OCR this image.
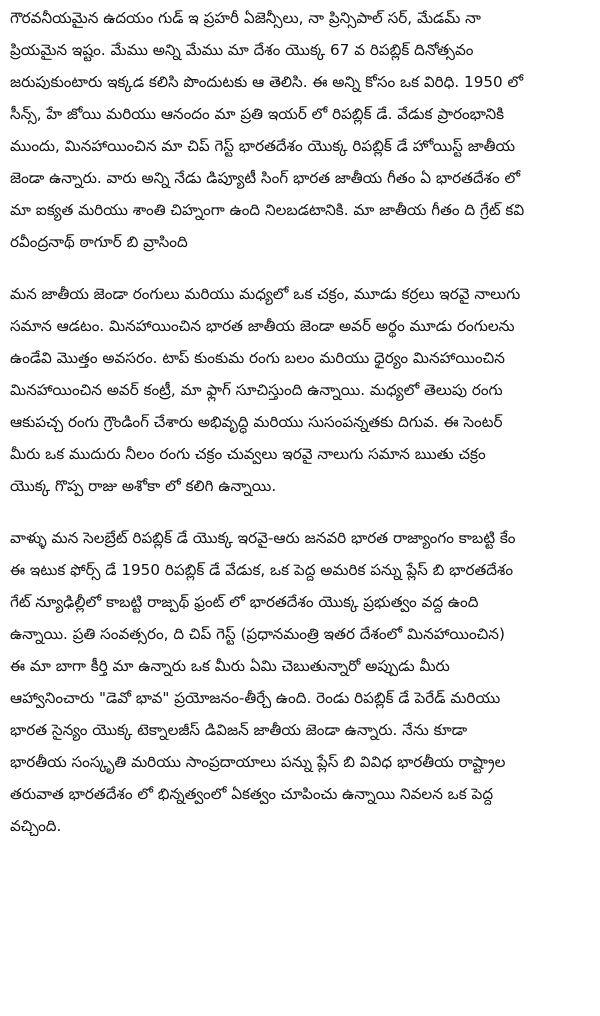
గౌరవనీయమైన ఉదయం గుడ్ ఇ ప్రహరీ ఏజెన్సీలు, నా ప్రిన్సిపాల్ సర్, మేడమ్ నా
ప్రియమైన ఇష్టం. మేము అన్ని మేము మా దేశం యొక్క 67 వ రిపబ్లిక్ దినోత్సవం
జరుపుకుంటారు ఇక్కడ కలిసి పొందుటకు ఆ తెలిసి. ఈ అన్ని కోసం ఒక విరిధి. 1950 లో
సీన్స్, హే జోయి మరియు ఆనందం మా ప్రతి ఇయర్ లో రిపబ్లిక్ డే. వేడుక ప్రారంభానికి
ముందు, మినహాయించిన మా చిప్ గెస్ట్ భారతదేశం యొక్క రిపబ్లిక్ డే హోయిస్ట్ జాతీయ
జెండా ఉన్నారు. వారు అన్ని నేడు డిప్యూటీ సింగ్ భారత జాతీయ గీతం ఏ భారతదేశం లో
మా ఐక్యత మరియు శాంతి చిహ్నంగా ఉంది నిలబడటానికి. మా జాతీయ గీతం ది గ్రేట్ కవి
రవీంద్రనాథ్ ఠాగూర్ బి వ్రాసింది

మన జాతీయ జెండా రంగులు మరియు మధ్యలో ఒక చక్రం, మూడు కర్రలు ఇరవై నాలుగు
సమాన ఆడటం. మినహాయించిన భారత జాతీయ జెండా అవర్ అర్థం మూడు రంగులను
ఉండేవి మొత్తం అవసరం. టాప్ కుంకుమ రంగు బలం మరియు ధైర్యం మినహాయించిన
మినహాయించిన అవర్ కంట్రీ, మా ఫ్లాగ్ సూచిస్తుంది ఉన్నాయి. మధ్యలో తెలుపు రంగు
ఆకుపచ్చ రంగు గ్రౌండింగ్ చేశారు అభివృద్ధి మరియు సుసంపన్నతకు దిగువ. ఈ సెంటర్
మీరు ఒక ముదురు నీలం రంగు చక్రం చువ్వలు ఇరవై నాలుగు సమాన ఋతు చక్రం
యొక్క గొప్ప రాజు అశోకా లో కలిగి ఉన్నాయి.

వాళ్ళు మన సెలబ్రేట్ రిపబ్లిక్ డే యొక్క ఇరవై-ఆరు జనవరి భారత రాజ్యాంగం కాబట్టి కేం
ఈ ఇటుక ఫోర్స్ డే 1950 రిపబ్లిక్ డే వేడుక, ఒక పెద్ద అమరిక పన్ను ప్లేస్ బి భారతదేశం
గేట్ న్యూఢిల్లీలో కాబట్టి రాజ్పథ్ ఫ్రంట్ లో భారతదేశం యొక్క ప్రభుత్వం వద్ద ఉంది
ఉన్నాయి. ప్రతి సంవత్సరం, ది చిప్ గెస్ట్ (ప్రధానమంత్రి ఇతర దేశంలో మినహాయించిన)
ఈ మా బాగా కీర్తి మా ఉన్నారు ఒక మీరు ఏమి చెబుతున్నారో అప్పుడు మీరు
ఆహ్వానించారు "డెవో భావ" ప్రయోజనం-తీర్చే ఉంది. రెండు రిపబ్లిక్ డే పెరేడ్ మరియు
భారత సైన్యం యొక్క టెక్నాలజీస్ డివిజన్ జాతీయ జెండా ఉన్నారు. నేను కూడా
భారతీయ సంస్కృతి మరియు సాంప్రదాయాలు పన్ను ప్లేస్ బి వివిధ భారతీయ రాష్ట్రాల
తరువాత భారతదేశం లో భిన్నత్వంలో ఏకత్వం చూపించు ఉన్నాయి నివలన ఒక పెద్ద
వచ్చింది.
